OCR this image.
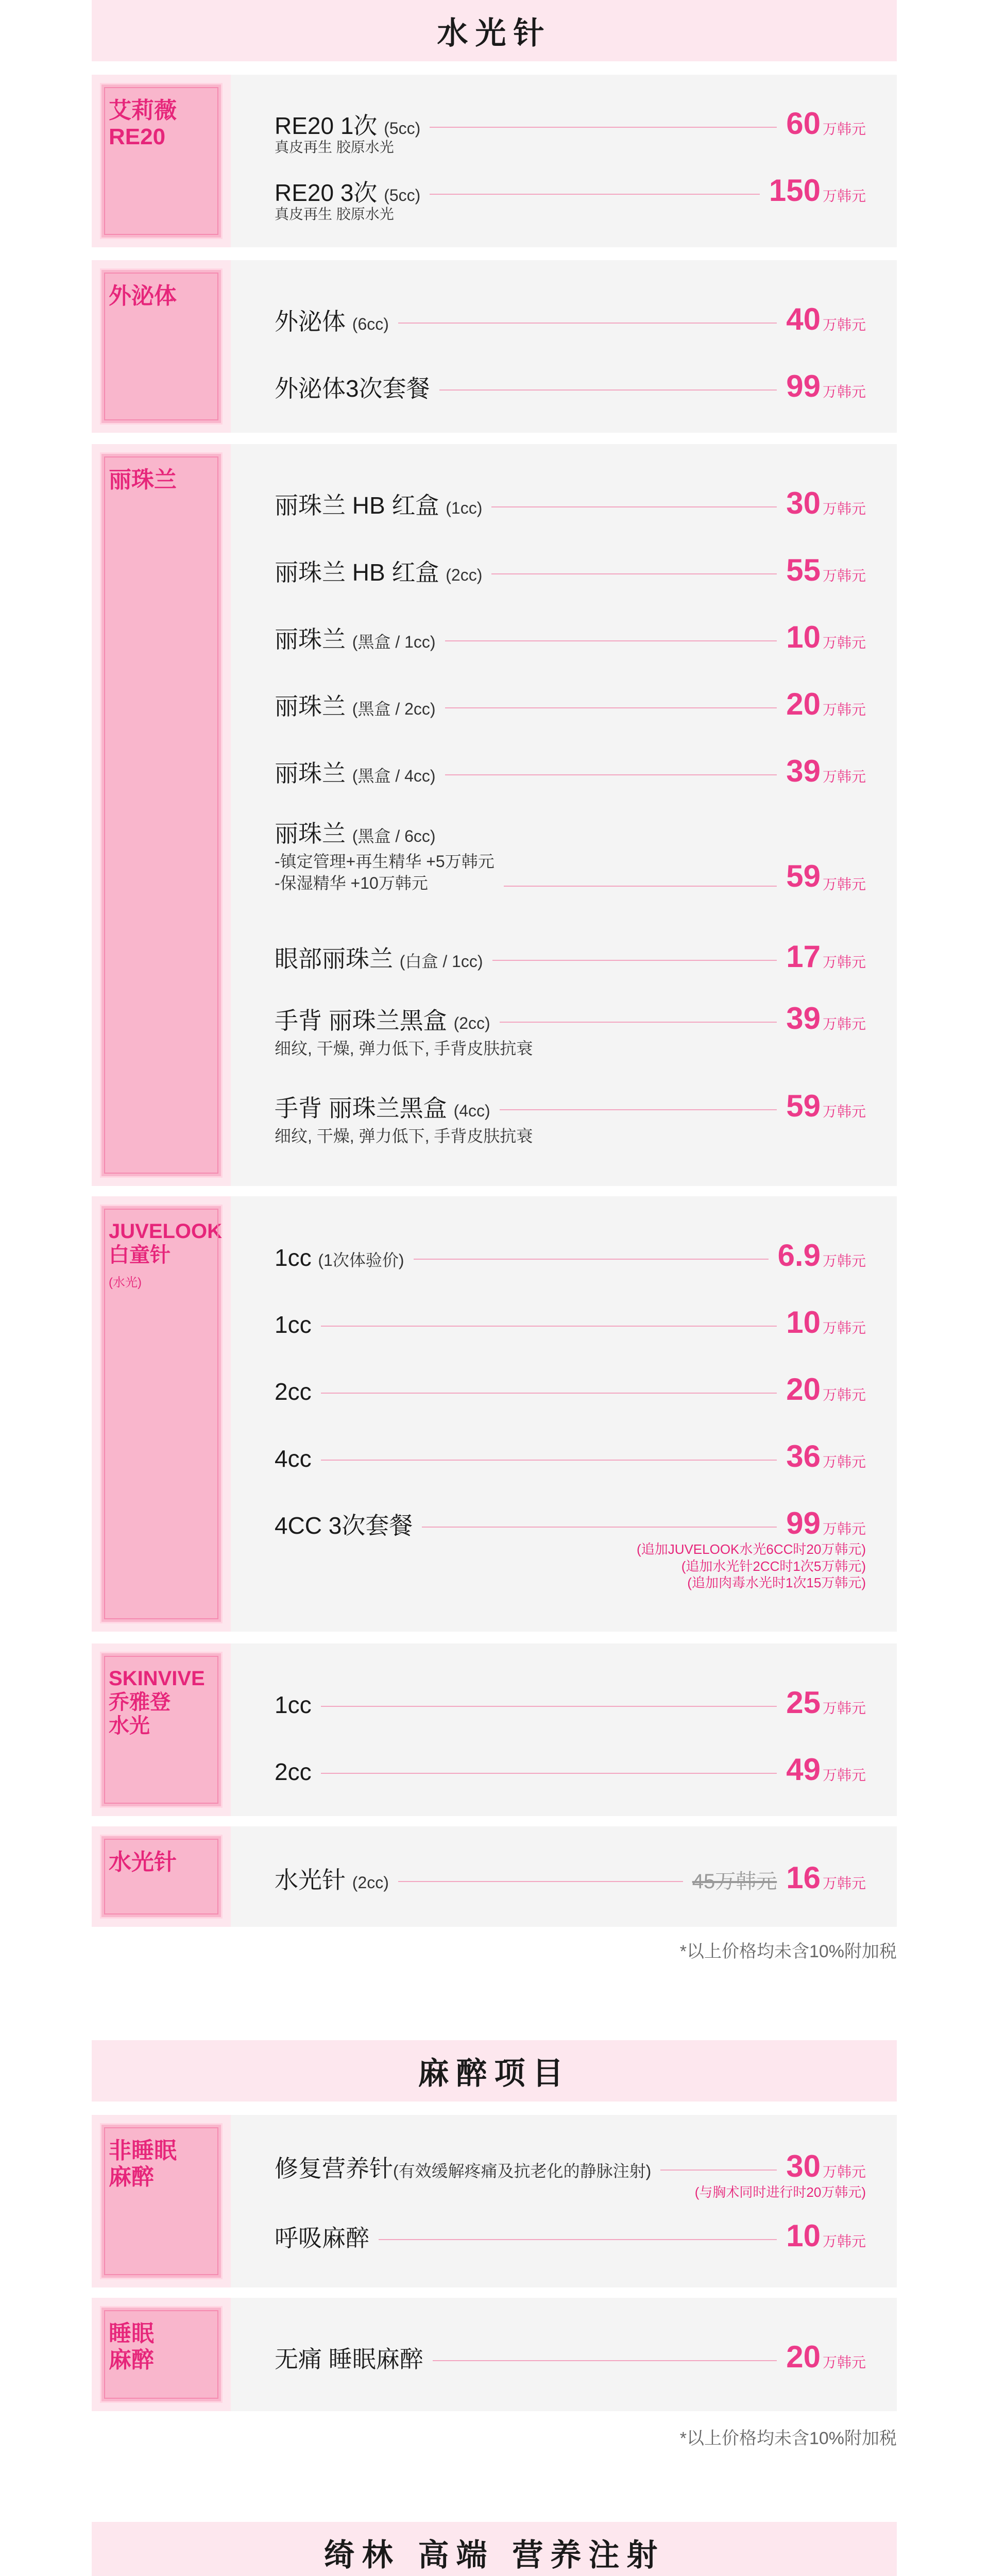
水光针
艾莉薇
RE20	RE20 1次 (5cc)	60 万韩元
真皮再生 胶原水光
RE20 3次 (5cc)	150 万韩元
真皮再生 胶原水光
外泌体
外泌体 (6cc)	40 万韩元
外泌体3次套餐	99 万韩元
丽珠兰
丽珠兰 HB 红盒 (1cc)	30 万韩元
丽珠兰 HB 红盒 (2cc)	55 万韩元
丽珠兰 (黑盒 / 1cc)	10 万韩元
丽珠兰 (黑盒 / 2cc)	20 万韩元
丽珠兰 (黑盒 / 4cc)	39 万韩元
丽珠兰 (黑盒 / 6cc)
-镇定管理+再生精华 +5万韩元
-保湿精华 +10万韩元	59 万韩元
眼部丽珠兰 (白盒 / 1cc)	17 万韩元
手背 丽珠兰黑盒 (2cc)	39 万韩元
细纹, 干燥, 弹力低下, 手背皮肤抗衰
手背 丽珠兰黑盒 (4cc)	59 万韩元
细纹, 干燥, 弹力低下, 手背皮肤抗衰
JUVELOOK
白童针
(水光)
1cc (1次体验价)	6.9 万韩元
1cc	10 万韩元
2cc	20 万韩元
4cc	36 万韩元
4CC 3次套餐	99 万韩元
(追加JUVELOOK水光6CC时20万韩元)
(追加水光针2CC时1次5万韩元)
(追加肉毒水光时1次15万韩元)
SKINVIVE
乔雅登
水光
1cc	25 万韩元
2cc	49 万韩元
水光针
水光针 (2cc)	45万韩元 16 万韩元
*以上价格均未含10%附加税
麻醉项目
非睡眠
麻醉	修复营养针(有效缓解疼痛及抗老化的静脉注射)	30 万韩元
(与胸术同时进行时20万韩元)
呼吸麻醉	10 万韩元
睡眠
麻醉	无痛 睡眠麻醉	20 万韩元
*以上价格均未含10%附加税
绮林 高端 营养注射
